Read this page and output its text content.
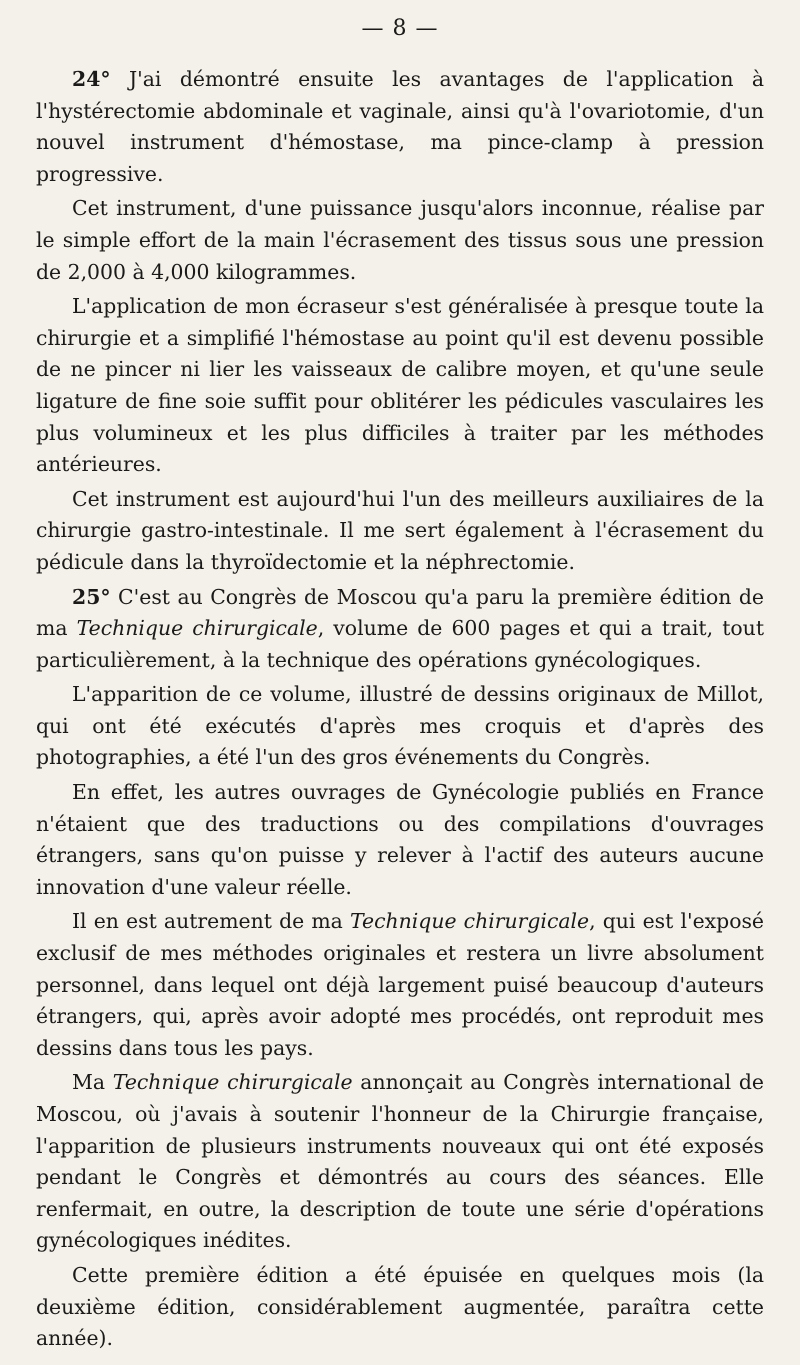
— 8 —

24° J'ai démontré ensuite les avantages de l'application à l'hystérectomie abdominale et vaginale, ainsi qu'à l'ovariotomie, d'un nouvel instrument d'hémostase, ma pince-clamp à pression progressive.

Cet instrument, d'une puissance jusqu'alors inconnue, réalise par le simple effort de la main l'écrasement des tissus sous une pression de 2,000 à 4,000 kilogrammes.

L'application de mon écraseur s'est généralisée à presque toute la chirurgie et a simplifié l'hémostase au point qu'il est devenu possible de ne pincer ni lier les vaisseaux de calibre moyen, et qu'une seule ligature de fine soie suffit pour oblitérer les pédicules vasculaires les plus volumineux et les plus difficiles à traiter par les méthodes antérieures.

Cet instrument est aujourd'hui l'un des meilleurs auxiliaires de la chirurgie gastro-intestinale. Il me sert également à l'écrasement du pédicule dans la thyroïdectomie et la néphrectomie.

25° C'est au Congrès de Moscou qu'a paru la première édition de ma Technique chirurgicale, volume de 600 pages et qui a trait, tout particulièrement, à la technique des opérations gynécologiques.

L'apparition de ce volume, illustré de dessins originaux de Millot, qui ont été exécutés d'après mes croquis et d'après des photographies, a été l'un des gros événements du Congrès.

En effet, les autres ouvrages de Gynécologie publiés en France n'étaient que des traductions ou des compilations d'ouvrages étrangers, sans qu'on puisse y relever à l'actif des auteurs aucune innovation d'une valeur réelle.

Il en est autrement de ma Technique chirurgicale, qui est l'exposé exclusif de mes méthodes originales et restera un livre absolument personnel, dans lequel ont déjà largement puisé beaucoup d'auteurs étrangers, qui, après avoir adopté mes procédés, ont reproduit mes dessins dans tous les pays.

Ma Technique chirurgicale annonçait au Congrès international de Moscou, où j'avais à soutenir l'honneur de la Chirurgie française, l'apparition de plusieurs instruments nouveaux qui ont été exposés pendant le Congrès et démontrés au cours des séances. Elle renfermait, en outre, la description de toute une série d'opérations gynécologiques inédites.

Cette première édition a été épuisée en quelques mois (la deuxième édition, considérablement augmentée, paraîtra cette année).
